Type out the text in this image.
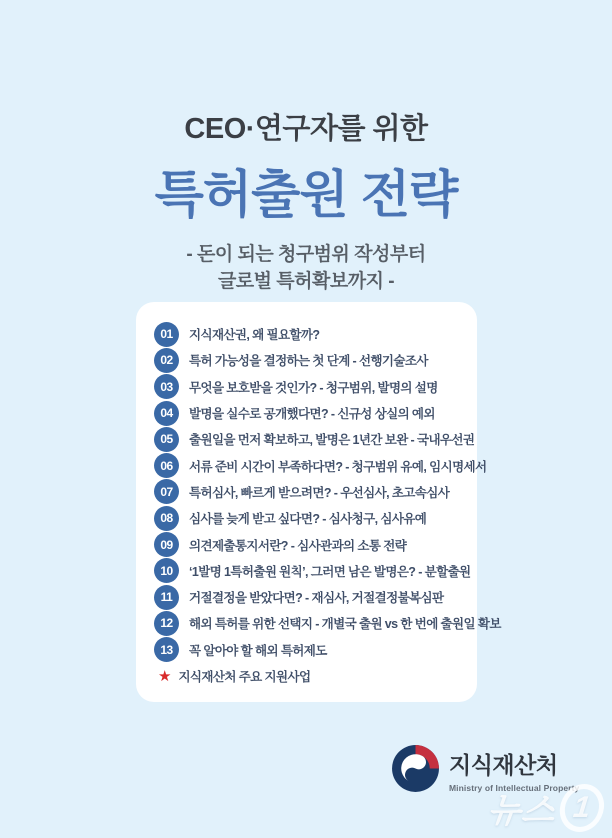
CEO·연구자를 위한
특허출원 전략
- 돈이 되는 청구범위 작성부터
글로벌 특허확보까지 -
01	지식재산권, 왜 필요할까?
02	특허 가능성을 결정하는 첫 단계 - 선행기술조사
03	무엇을 보호받을 것인가? - 청구범위, 발명의 설명
04	발명을 실수로 공개했다면? - 신규성 상실의 예외
05	출원일을 먼저 확보하고, 발명은 1년간 보완 - 국내우선권
06	서류 준비 시간이 부족하다면? - 청구범위 유예, 임시명세서
07	특허심사, 빠르게 받으려면? - 우선심사, 초고속심사
08	심사를 늦게 받고 싶다면? - 심사청구, 심사유예
09	의견제출통지서란? - 심사관과의 소통 전략
10	‘1발명 1특허출원 원칙’, 그러면 남은 발명은? - 분할출원
11	거절결정을 받았다면? - 재심사, 거절결정불복심판
12	해외 특허를 위한 선택지 - 개별국 출원 vs 한 번에 출원일 확보
13	꼭 알아야 할 해외 특허제도
★ 지식재산처 주요 지원사업
지식재산처
Ministry of Intellectual Property
뉴스 1
